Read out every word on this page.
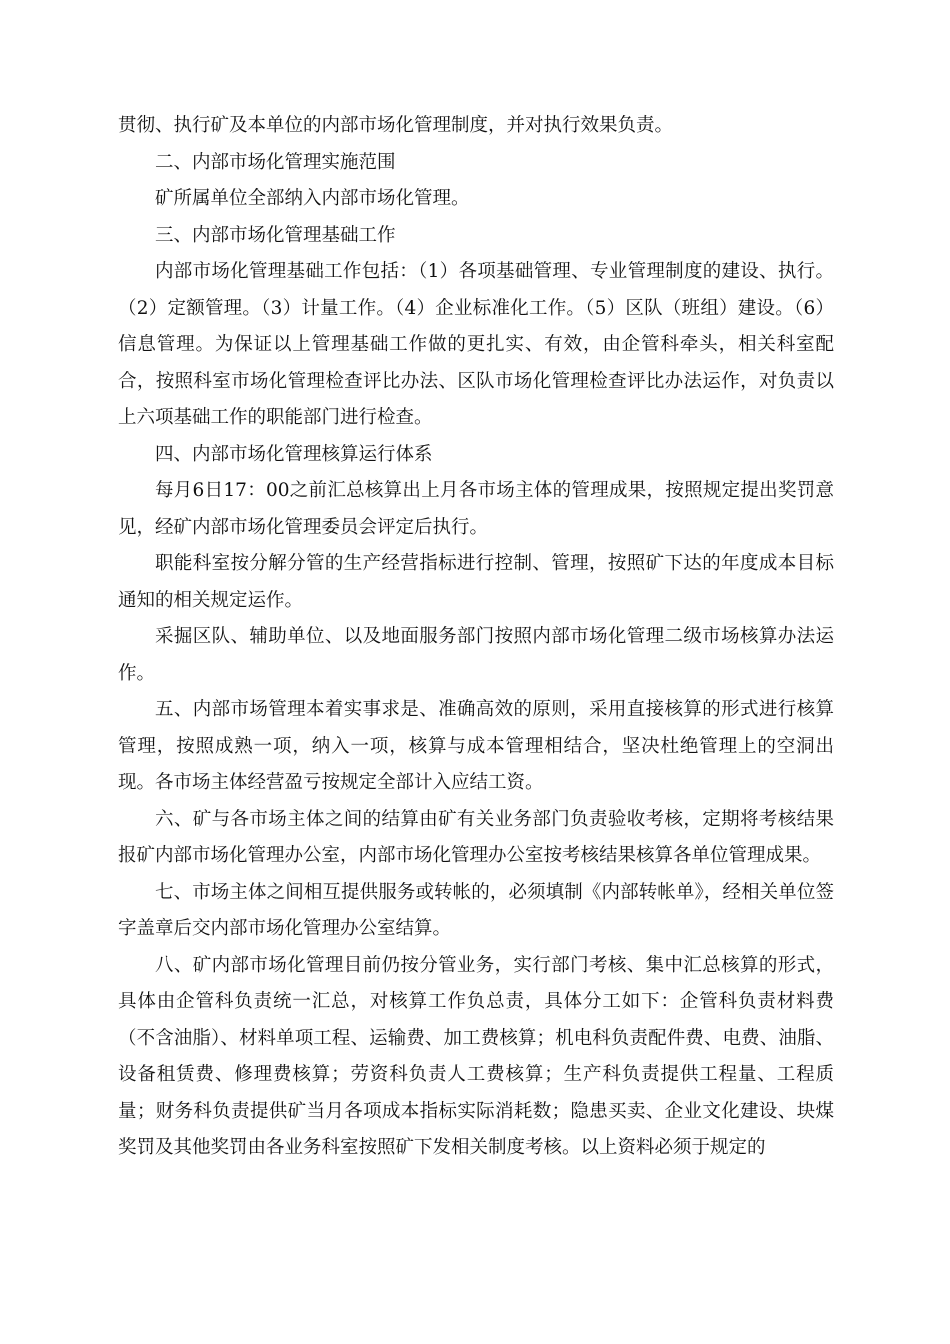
贯彻、执行矿及本单位的内部市场化管理制度，并对执行效果负责。

二、内部市场化管理实施范围

矿所属单位全部纳入内部市场化管理。

三、内部市场化管理基础工作

内部市场化管理基础工作包括：（1）各项基础管理、专业管理制度的建设、执行。（2）定额管理。（3）计量工作。（4）企业标准化工作。（5）区队（班组）建设。（6）信息管理。为保证以上管理基础工作做的更扎实、有效，由企管科牵头，相关科室配合，按照科室市场化管理检查评比办法、区队市场化管理检查评比办法运作，对负责以上六项基础工作的职能部门进行检查。

四、内部市场化管理核算运行体系

每月6日17：00之前汇总核算出上月各市场主体的管理成果，按照规定提出奖罚意见，经矿内部市场化管理委员会评定后执行。

职能科室按分解分管的生产经营指标进行控制、管理，按照矿下达的年度成本目标通知的相关规定运作。

采掘区队、辅助单位、以及地面服务部门按照内部市场化管理二级市场核算办法运作。

五、内部市场管理本着实事求是、准确高效的原则，采用直接核算的形式进行核算管理，按照成熟一项，纳入一项，核算与成本管理相结合，坚决杜绝管理上的空洞出现。各市场主体经营盈亏按规定全部计入应结工资。

六、矿与各市场主体之间的结算由矿有关业务部门负责验收考核，定期将考核结果报矿内部市场化管理办公室，内部市场化管理办公室按考核结果核算各单位管理成果。

七、市场主体之间相互提供服务或转帐的，必须填制《内部转帐单》，经相关单位签字盖章后交内部市场化管理办公室结算。

八、矿内部市场化管理目前仍按分管业务，实行部门考核、集中汇总核算的形式，具体由企管科负责统一汇总，对核算工作负总责，具体分工如下：企管科负责材料费（不含油脂）、材料单项工程、运输费、加工费核算；机电科负责配件费、电费、油脂、设备租赁费、修理费核算；劳资科负责人工费核算；生产科负责提供工程量、工程质量；财务科负责提供矿当月各项成本指标实际消耗数；隐患买卖、企业文化建设、块煤奖罚及其他奖罚由各业务科室按照矿下发相关制度考核。以上资料必须于规定的
